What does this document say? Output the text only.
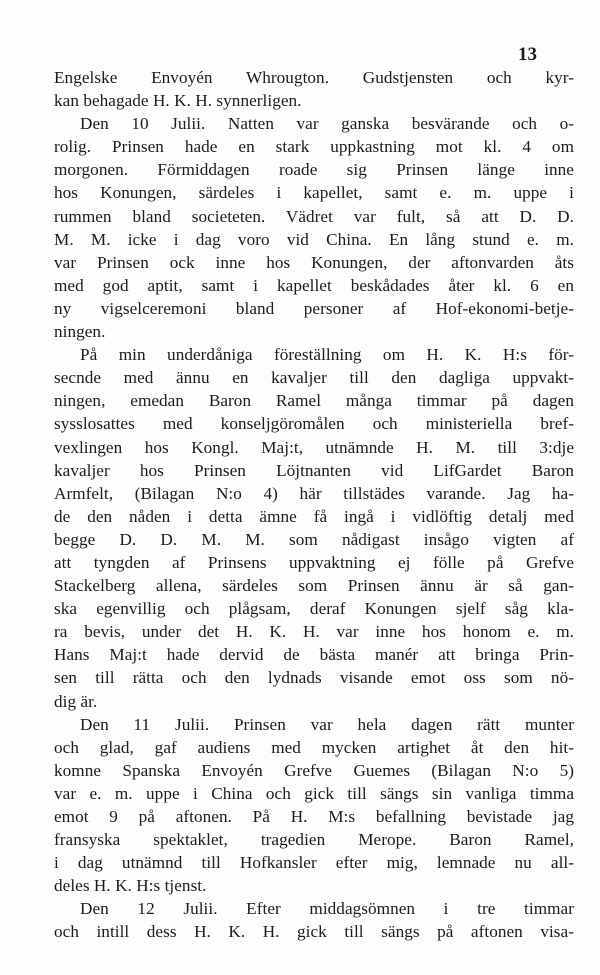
13
Engelske Envoyén Whrougton. Gudstjensten och kyr-
kan behagade H. K. H. synnerligen.
Den 10 Julii. Natten var ganska besvärande och o-
rolig. Prinsen hade en stark uppkastning mot kl. 4 om
morgonen. Förmiddagen roade sig Prinsen länge inne
hos Konungen, särdeles i kapellet, samt e. m. uppe i
rummen bland societeten. Vädret var fult, så att D. D.
M. M. icke i dag voro vid China. En lång stund e. m.
var Prinsen ock inne hos Konungen, der aftonvarden åts
med god aptit, samt i kapellet beskådades åter kl. 6 en
ny vigselceremoni bland personer af Hof-ekonomi-betje-
ningen.
På min underdåniga föreställning om H. K. H:s för-
secnde med ännu en kavaljer till den dagliga uppvakt-
ningen, emedan Baron Ramel många timmar på dagen
sysslosattes med konseljgöromålen och ministeriella bref-
vexlingen hos Kongl. Maj:t, utnämnde H. M. till 3:dje
kavaljer hos Prinsen Löjtnanten vid LifGardet Baron
Armfelt, (Bilagan N:o 4) här tillstädes varande. Jag ha-
de den nåden i detta ämne få ingå i vidlöftig detalj med
begge D. D. M. M. som nådigast insågo vigten af
att tyngden af Prinsens uppvaktning ej fölle på Grefve
Stackelberg allena, särdeles som Prinsen ännu är så gan-
ska egenvillig och plågsam, deraf Konungen sjelf såg kla-
ra bevis, under det H. K. H. var inne hos honom e. m.
Hans Maj:t hade dervid de bästa manér att bringa Prin-
sen till rätta och den lydnads visande emot oss som nö-
dig är.
Den 11 Julii. Prinsen var hela dagen rätt munter
och glad, gaf audiens med mycken artighet åt den hit-
komne Spanska Envoyén Grefve Guemes (Bilagan N:o 5)
var e. m. uppe i China och gick till sängs sin vanliga timma
emot 9 på aftonen. På H. M:s befallning bevistade jag
fransyska spektaklet, tragedien Merope. Baron Ramel,
i dag utnämnd till Hofkansler efter mig, lemnade nu all-
deles H. K. H:s tjenst.
Den 12 Julii. Efter middagsömnen i tre timmar
och intill dess H. K. H. gick till sängs på aftonen visa-
